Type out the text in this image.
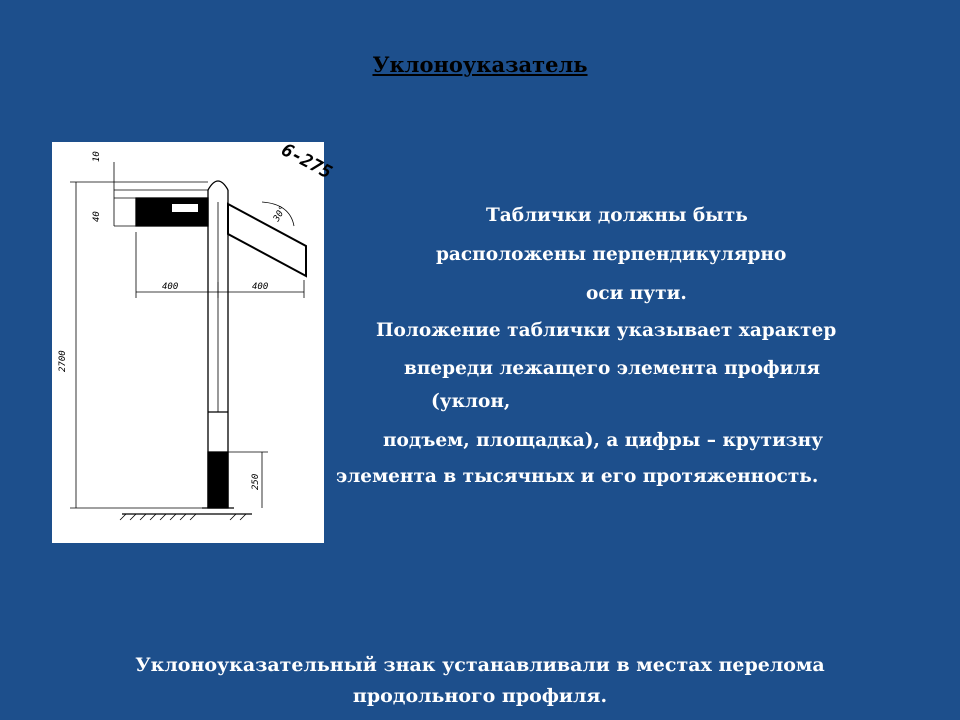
Уклоноуказатель
6-275
10
40
2700
400	400
30°
250
Таблички должны быть
расположены перпендикулярно
оси пути.
Положение таблички указывает характер
впереди лежащего элемента профиля
(уклон,
подъем, площадка), а цифры – крутизну
элемента в тысячных и его протяженность.
Уклоноуказательный знак устанавливали в местах перелома
продольного профиля.
